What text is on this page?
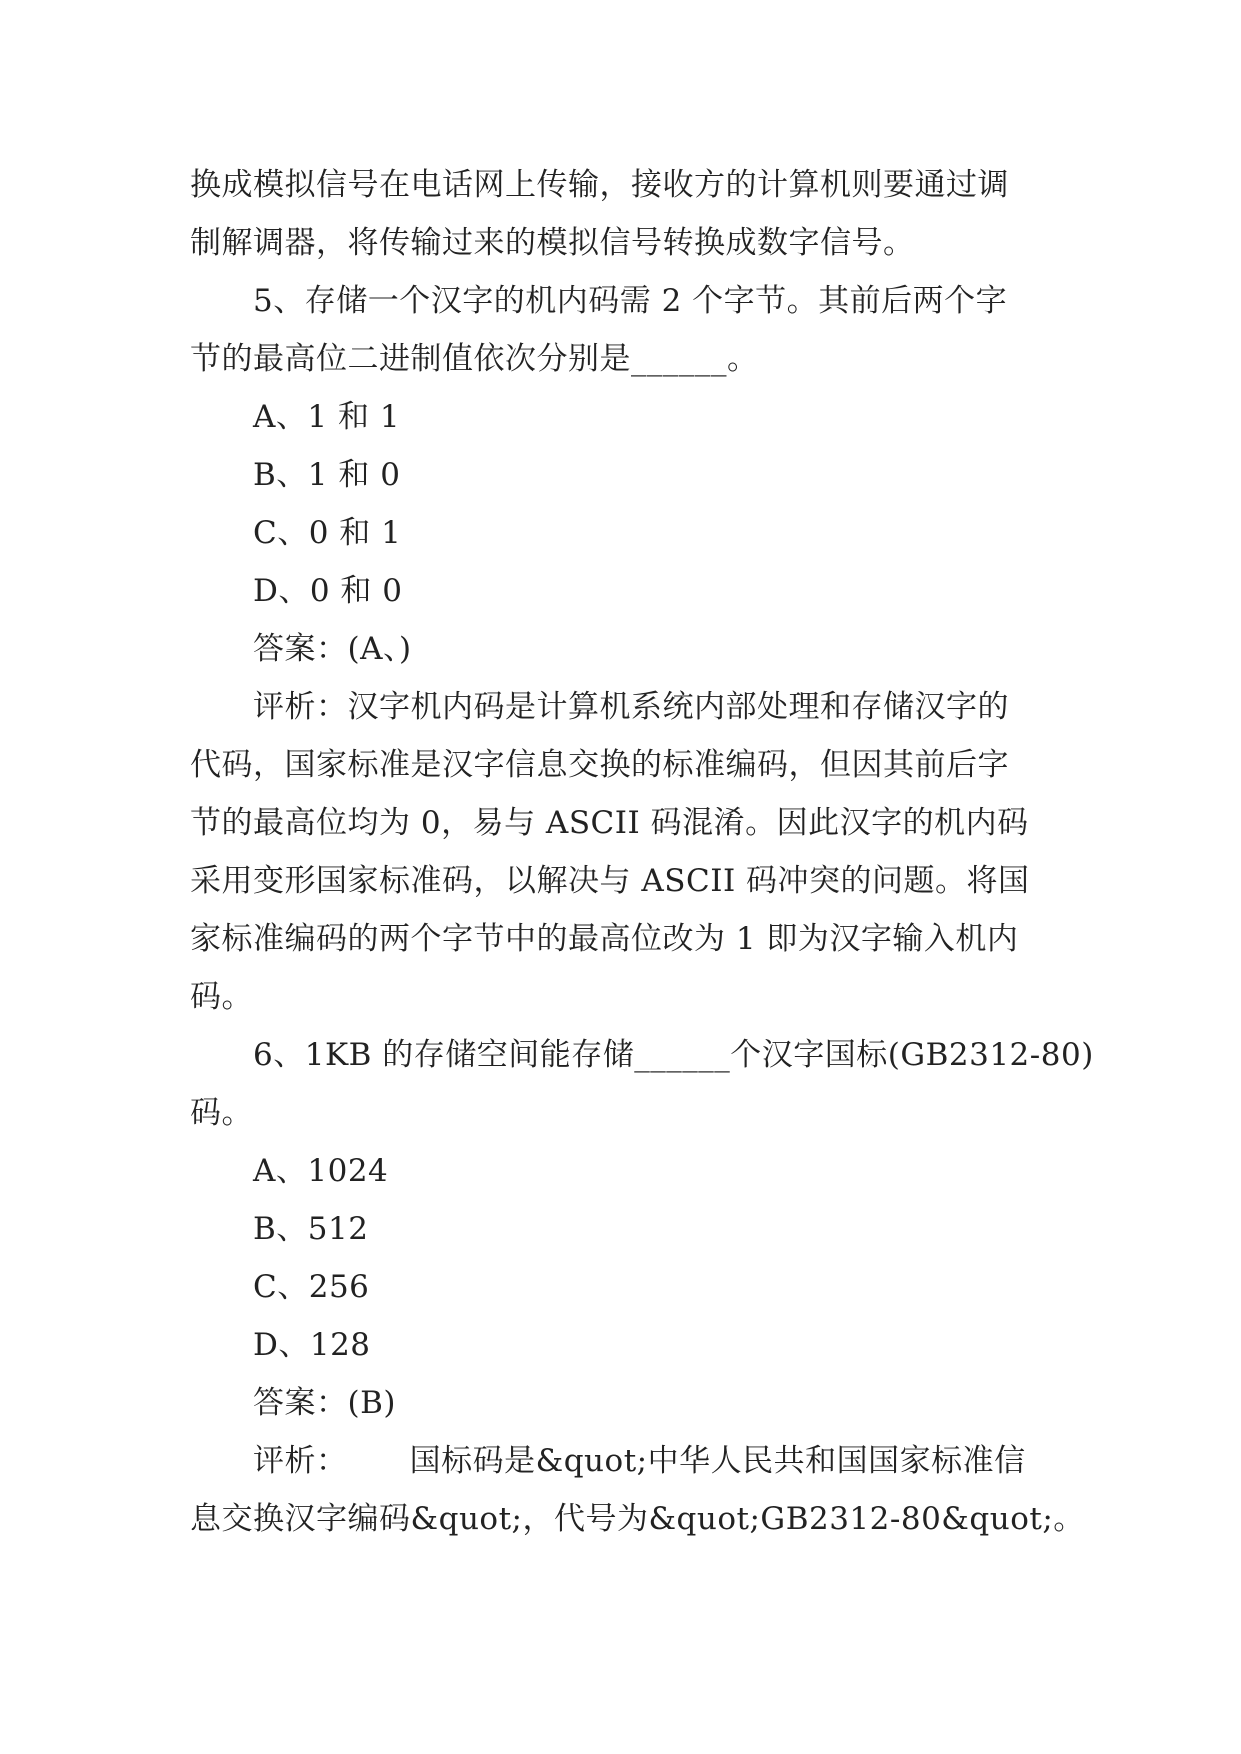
换成模拟信号在电话网上传输，接收方的计算机则要通过调
制解调器，将传输过来的模拟信号转换成数字信号。
5、存储一个汉字的机内码需 2 个字节。其前后两个字
节的最高位二进制值依次分别是______。
A、1 和 1
B、1 和 0
C、0 和 1
D、0 和 0
答案：(A、)
评析：汉字机内码是计算机系统内部处理和存储汉字的
代码，国家标准是汉字信息交换的标准编码，但因其前后字
节的最高位均为 0，易与 ASCII 码混淆。因此汉字的机内码
采用变形国家标准码，以解决与 ASCII 码冲突的问题。将国
家标准编码的两个字节中的最高位改为 1 即为汉字输入机内
码。
6、1KB 的存储空间能存储______个汉字国标(GB2312-80)
码。
A、1024
B、512
C、256
D、128
答案：(B)
评析：      国标码是&quot;中华人民共和国国家标准信
息交换汉字编码&quot;，代号为&quot;GB2312-80&quot;。
